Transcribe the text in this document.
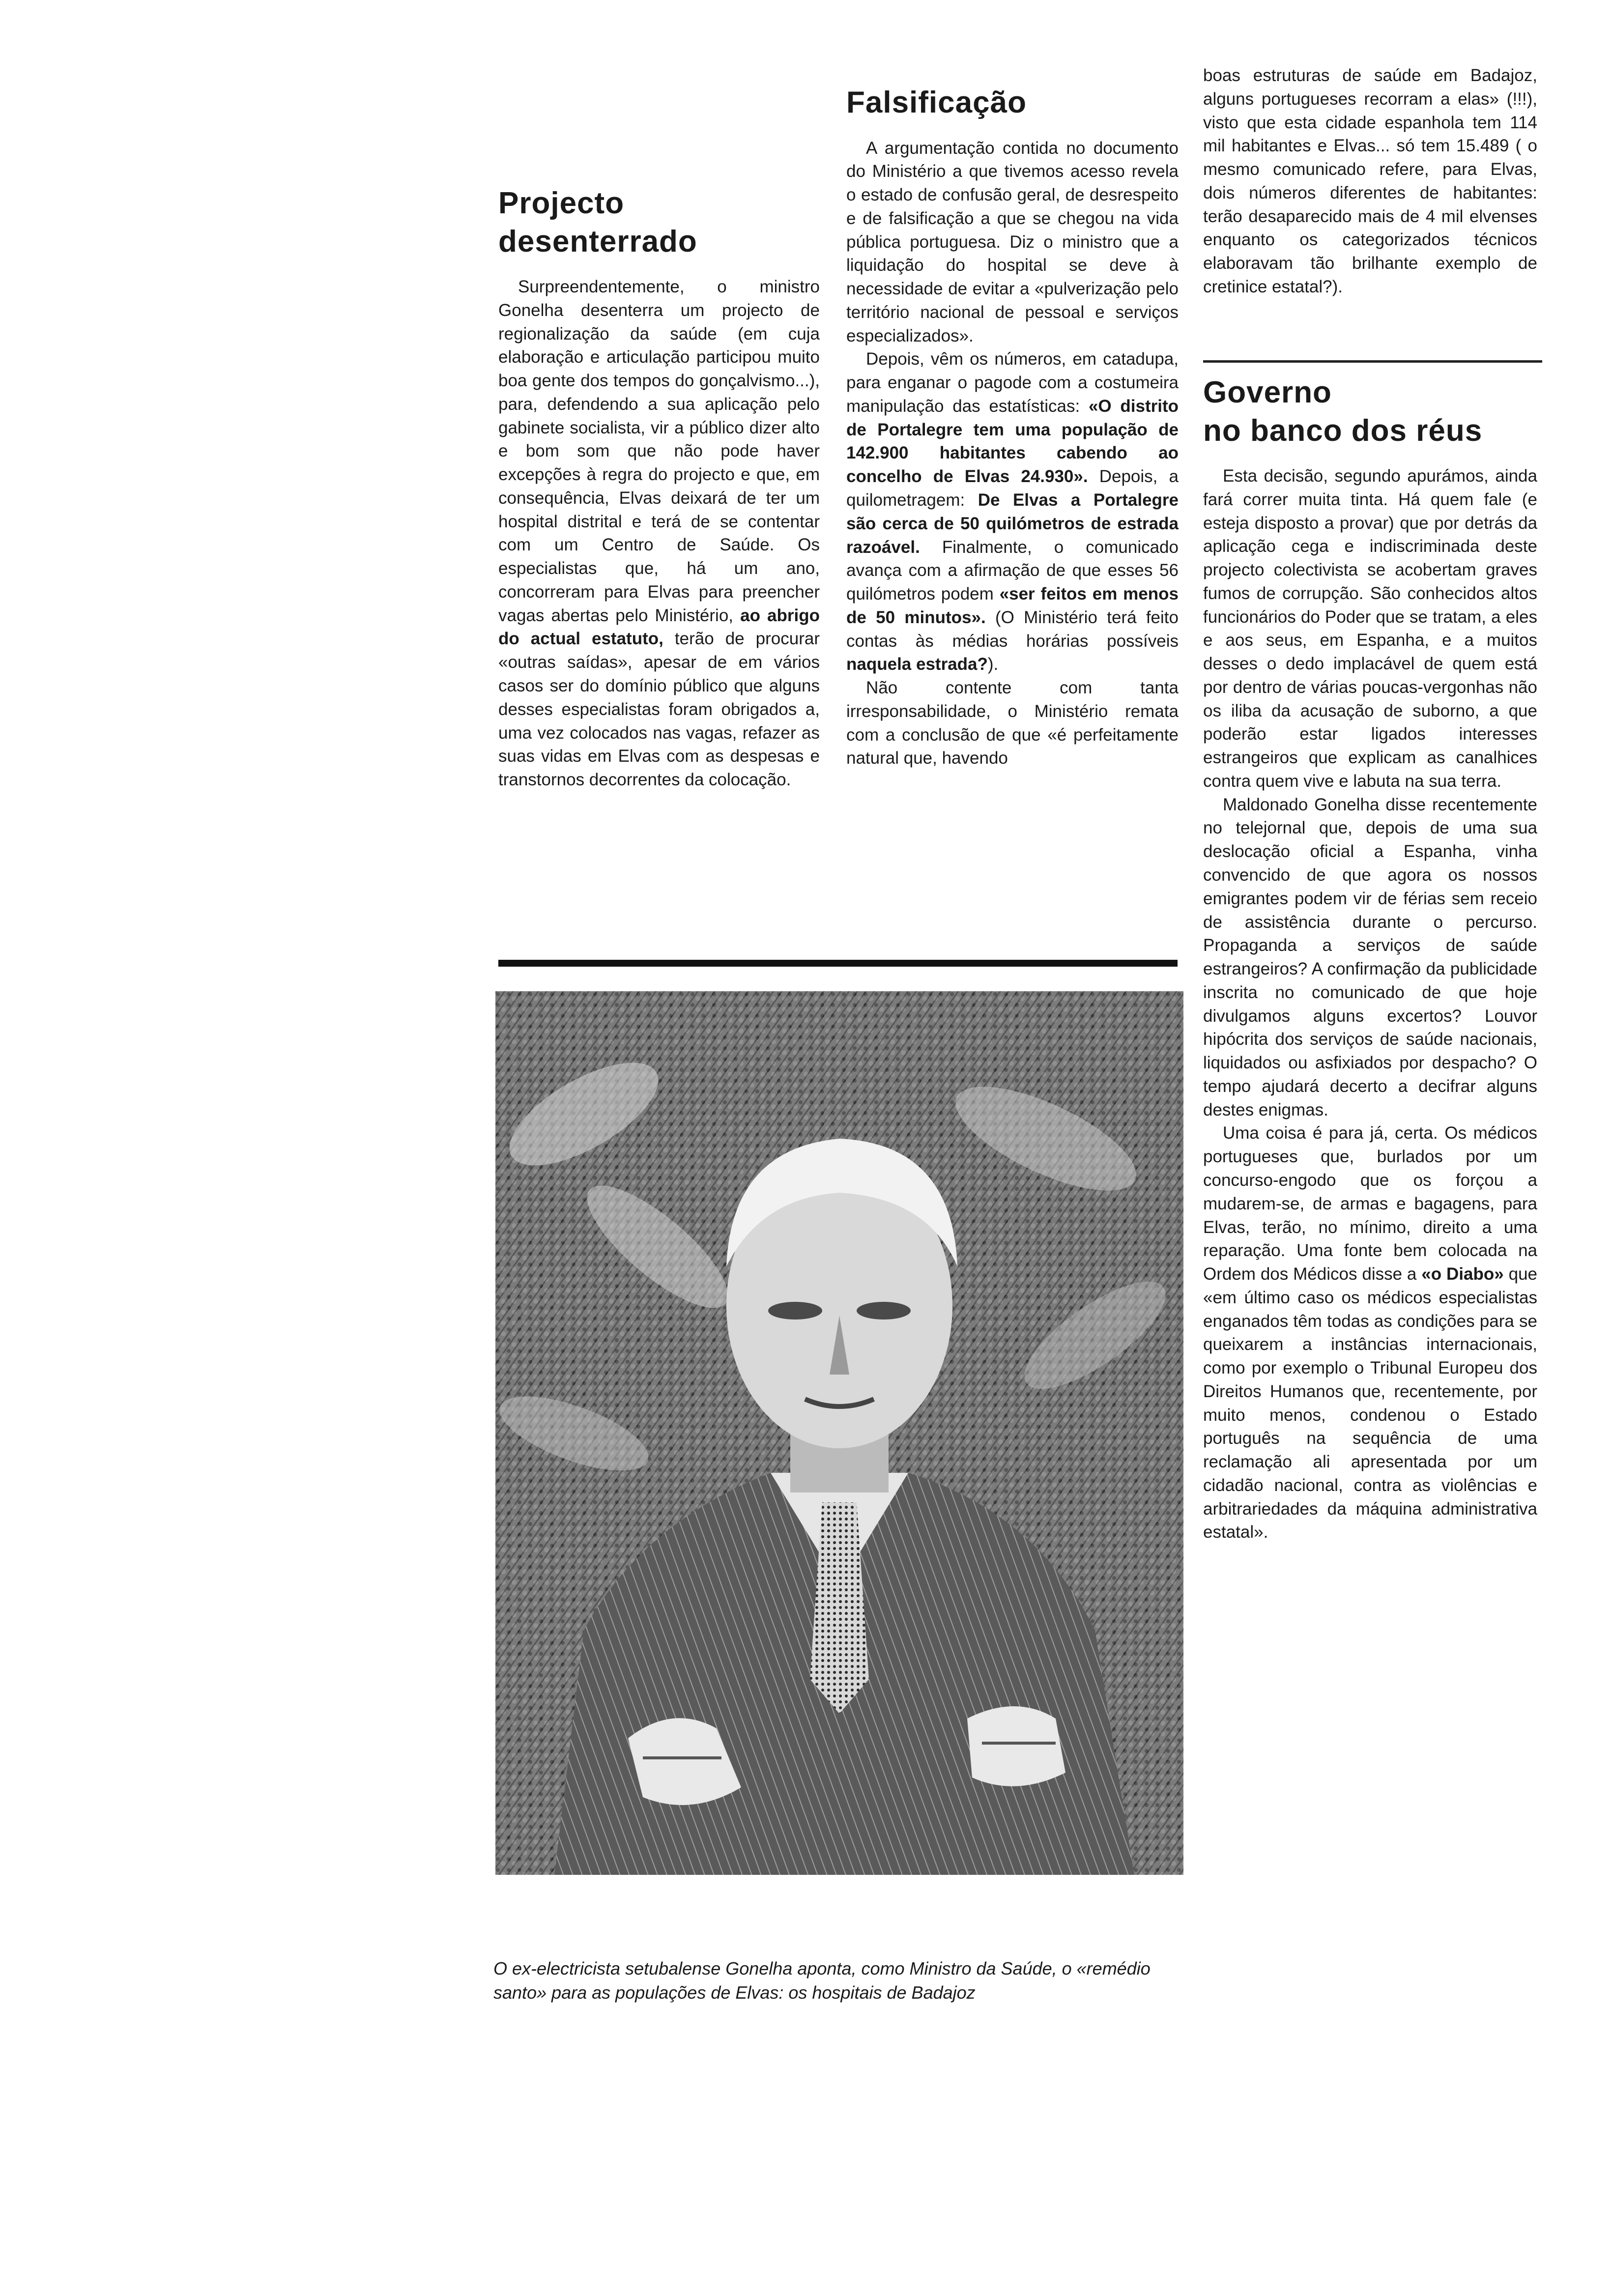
Projecto
desenterrado

Surpreendentemente, o ministro Gonelha desenterra um projecto de regionalização da saúde (em cuja elaboração e articulação participou muito boa gente dos tempos do gonçalvismo...), para, defendendo a sua aplicação pelo gabinete socialista, vir a público dizer alto e bom som que não pode haver excepções à regra do projecto e que, em consequência, Elvas deixará de ter um hospital distrital e terá de se contentar com um Centro de Saúde. Os especialistas que, há um ano, concorreram para Elvas para preencher vagas abertas pelo Ministério, ao abrigo do actual estatuto, terão de procurar «outras saídas», apesar de em vários casos ser do domínio público que alguns desses especialistas foram obrigados a, uma vez colocados nas vagas, refazer as suas vidas em Elvas com as despesas e transtornos decorrentes da colocação.

Falsificação

A argumentação contida no documento do Ministério a que tivemos acesso revela o estado de confusão geral, de desrespeito e de falsificação a que se chegou na vida pública portuguesa. Diz o ministro que a liquidação do hospital se deve à necessidade de evitar a «pulverização pelo território nacional de pessoal e serviços especializados».

Depois, vêm os números, em catadupa, para enganar o pagode com a costumeira manipulação das estatísticas: «O distrito de Portalegre tem uma população de 142.900 habitantes cabendo ao concelho de Elvas 24.930». Depois, a quilometragem: De Elvas a Portalegre são cerca de 50 quilómetros de estrada razoável. Finalmente, o comunicado avança com a afirmação de que esses 56 quilómetros podem «ser feitos em menos de 50 minutos». (O Ministério terá feito contas às médias horárias possíveis naquela estrada?).

Não contente com tanta irresponsabilidade, o Ministério remata com a conclusão de que «é perfeitamente natural que, havendo

boas estruturas de saúde em Badajoz, alguns portugueses recorram a elas» (!!!), visto que esta cidade espanhola tem 114 mil habitantes e Elvas... só tem 15.489 ( o mesmo comunicado refere, para Elvas, dois números diferentes de habitantes: terão desaparecido mais de 4 mil elvenses enquanto os categorizados técnicos elaboravam tão brilhante exemplo de cretinice estatal?).

Governo
no banco dos réus

Esta decisão, segundo apurámos, ainda fará correr muita tinta. Há quem fale (e esteja disposto a provar) que por detrás da aplicação cega e indiscriminada deste projecto colectivista se acobertam graves fumos de corrupção. São conhecidos altos funcionários do Poder que se tratam, a eles e aos seus, em Espanha, e a muitos desses o dedo implacável de quem está por dentro de várias poucas-vergonhas não os iliba da acusação de suborno, a que poderão estar ligados interesses estrangeiros que explicam as canalhices contra quem vive e labuta na sua terra.

Maldonado Gonelha disse recentemente no telejornal que, depois de uma sua deslocação oficial a Espanha, vinha convencido de que agora os nossos emigrantes podem vir de férias sem receio de assistência durante o percurso. Propaganda a serviços de saúde estrangeiros? A confirmação da publicidade inscrita no comunicado de que hoje divulgamos alguns excertos? Louvor hipócrita dos serviços de saúde nacionais, liquidados ou asfixiados por despacho? O tempo ajudará decerto a decifrar alguns destes enigmas.

Uma coisa é para já, certa. Os médicos portugueses que, burlados por um concurso-engodo que os forçou a mudarem-se, de armas e bagagens, para Elvas, terão, no mínimo, direito a uma reparação. Uma fonte bem colocada na Ordem dos Médicos disse a «o Diabo» que «em último caso os médicos especialistas enganados têm todas as condições para se queixarem a instâncias internacionais, como por exemplo o Tribunal Europeu dos Direitos Humanos que, recentemente, por muito menos, condenou o Estado português na sequência de uma reclamação ali apresentada por um cidadão nacional, contra as violências e arbitrariedades da máquina administrativa estatal».

O ex-electricista setubalense Gonelha aponta, como Ministro da Saúde, o «remédio santo» para as populações de Elvas: os hospitais de Badajoz
